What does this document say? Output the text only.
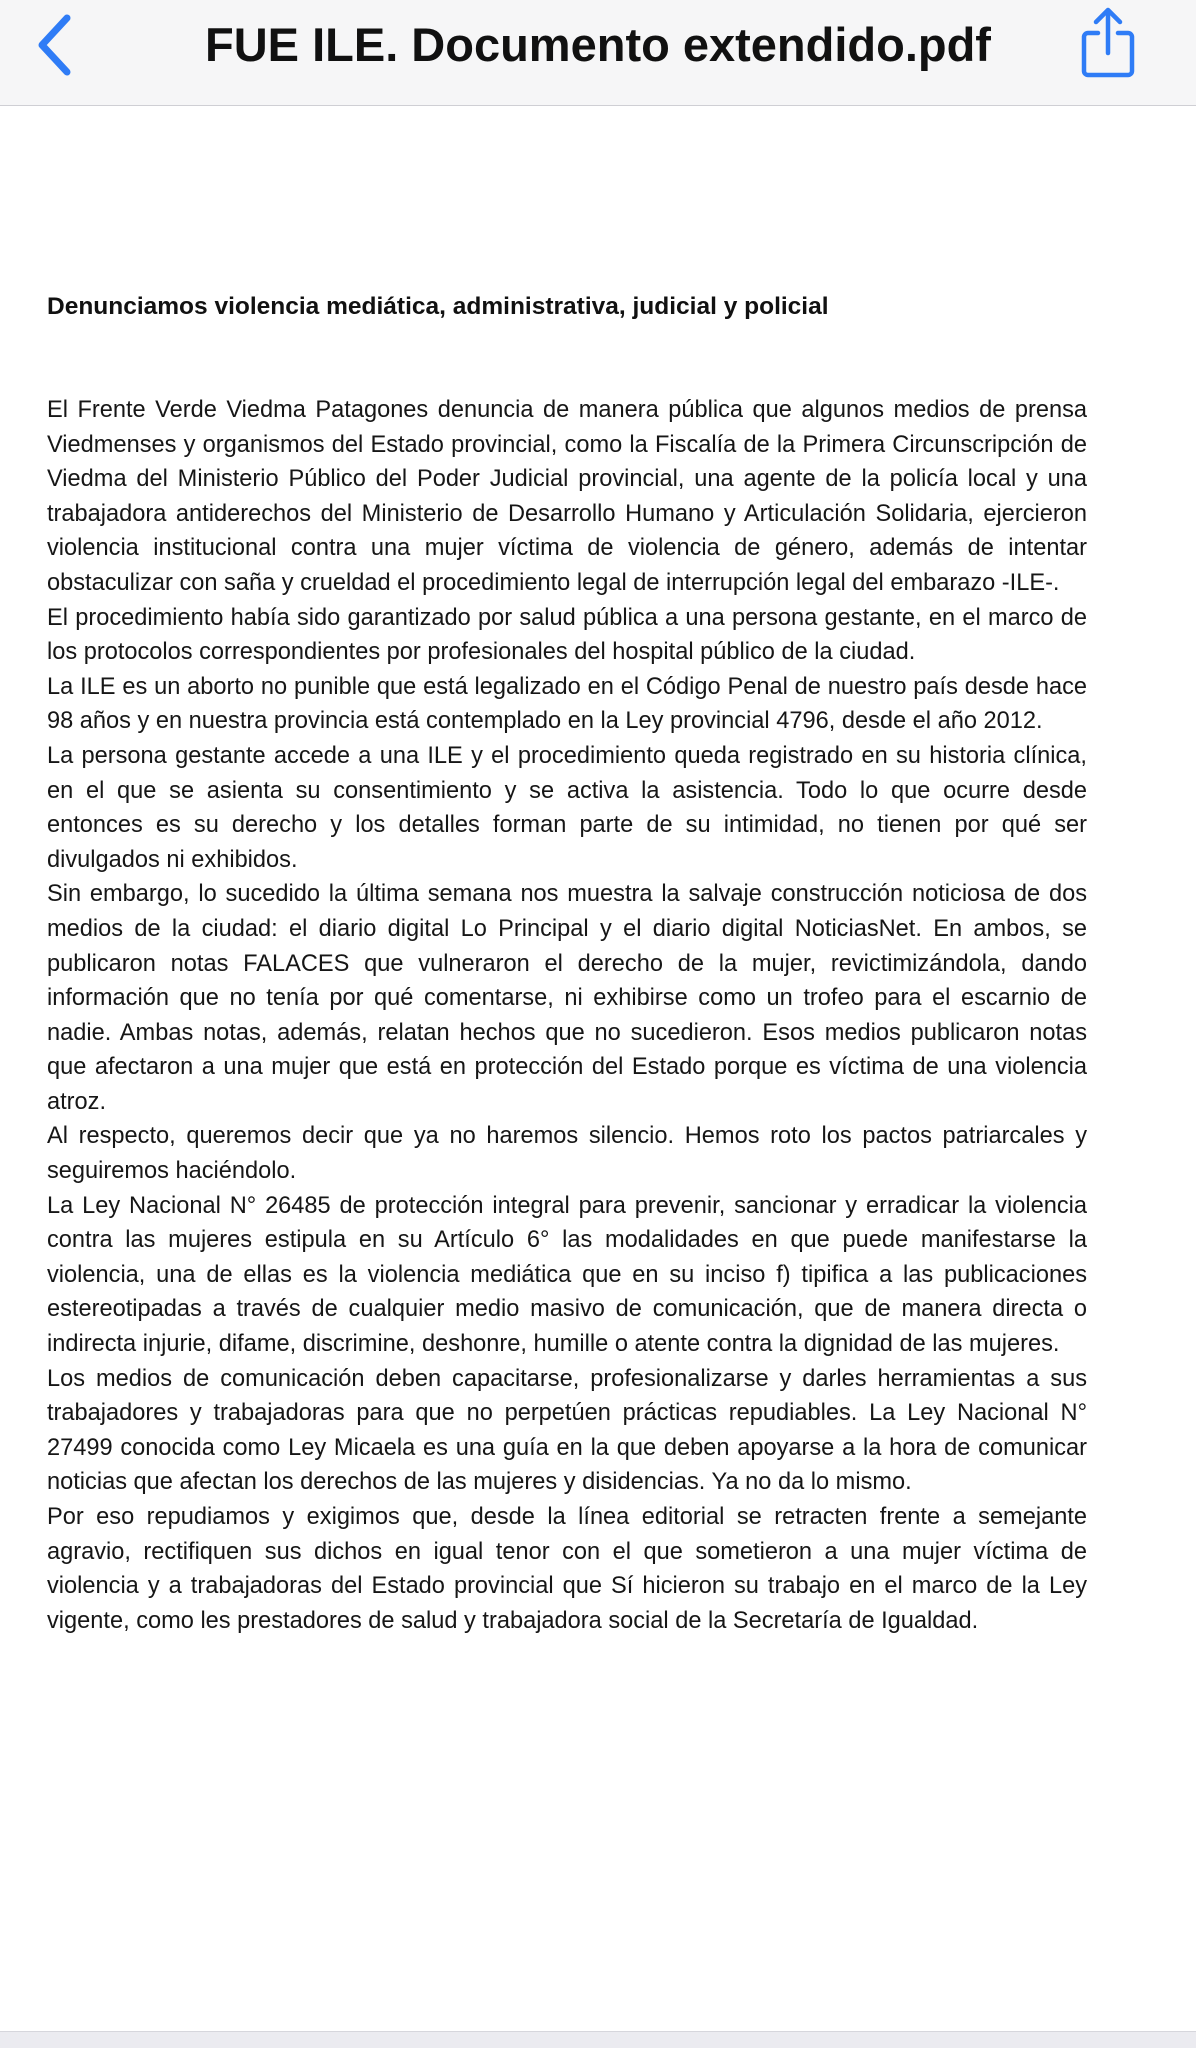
FUE ILE. Documento extendido.pdf
Denunciamos violencia mediática, administrativa, judicial y policial

El Frente Verde Viedma Patagones denuncia de manera pública que algunos medios de prensa Viedmenses y organismos del Estado provincial, como la Fiscalía de la Primera Circunscripción de Viedma del Ministerio Público del Poder Judicial provincial, una agente de la policía local y una trabajadora antiderechos del Ministerio de Desarrollo Humano y Articulación Solidaria, ejercieron violencia institucional contra una mujer víctima de violencia de género, además de intentar obstaculizar con saña y crueldad el procedimiento legal de interrupción legal del embarazo -ILE-.

El procedimiento había sido garantizado por salud pública a una persona gestante, en el marco de los protocolos correspondientes por profesionales del hospital público de la ciudad.

La ILE es un aborto no punible que está legalizado en el Código Penal de nuestro país desde hace 98 años y en nuestra provincia está contemplado en la Ley provincial 4796, desde el año 2012.

La persona gestante accede a una ILE y el procedimiento queda registrado en su historia clínica, en el que se asienta su consentimiento y se activa la asistencia. Todo lo que ocurre desde entonces es su derecho y los detalles forman parte de su intimidad, no tienen por qué ser divulgados ni exhibidos.

Sin embargo, lo sucedido la última semana nos muestra la salvaje construcción noticiosa de dos medios de la ciudad: el diario digital Lo Principal y el diario digital NoticiasNet. En ambos, se publicaron notas FALACES que vulneraron el derecho de la mujer, revictimizándola, dando información que no tenía por qué comentarse, ni exhibirse como un trofeo para el escarnio de nadie. Ambas notas, además, relatan hechos que no sucedieron. Esos medios publicaron notas que afectaron a una mujer que está en protección del Estado porque es víctima de una violencia atroz.

Al respecto, queremos decir que ya no haremos silencio. Hemos roto los pactos patriarcales y seguiremos haciéndolo.

La Ley Nacional N° 26485 de protección integral para prevenir, sancionar y erradicar la violencia contra las mujeres estipula en su Artículo 6° las modalidades en que puede manifestarse la violencia, una de ellas es la violencia mediática que en su inciso f) tipifica a las publicaciones estereotipadas a través de cualquier medio masivo de comunicación, que de manera directa o indirecta injurie, difame, discrimine, deshonre, humille o atente contra la dignidad de las mujeres.

Los medios de comunicación deben capacitarse, profesionalizarse y darles herramientas a sus trabajadores y trabajadoras para que no perpetúen prácticas repudiables. La Ley Nacional N° 27499 conocida como Ley Micaela es una guía en la que deben apoyarse a la hora de comunicar noticias que afectan los derechos de las mujeres y disidencias. Ya no da lo mismo.

Por eso repudiamos y exigimos que, desde la línea editorial se retracten frente a semejante agravio, rectifiquen sus dichos en igual tenor con el que sometieron a una mujer víctima de violencia y a trabajadoras del Estado provincial que Sí hicieron su trabajo en el marco de la Ley vigente, como les prestadores de salud y trabajadora social de la Secretaría de Igualdad.
